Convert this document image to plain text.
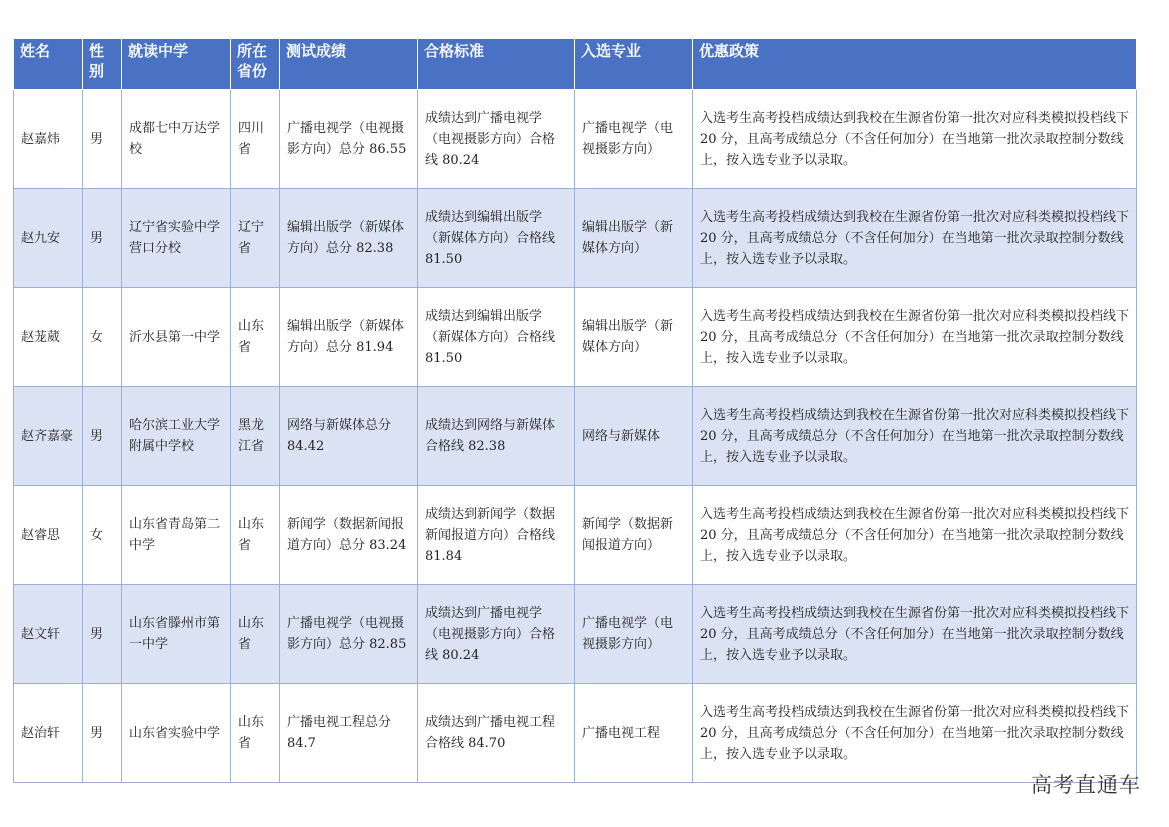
姓名	性别	就读中学	所在省份	测试成绩	合格标准	入选专业	优惠政策
赵嘉炜	男	成都七中万达学校	四川省	广播电视学（电视摄影方向）总分 86.55	成绩达到广播电视学（电视摄影方向）合格线 80.24	广播电视学（电视摄影方向）	入选考生高考投档成绩达到我校在生源省份第一批次对应科类模拟投档线下 20 分，且高考成绩总分（不含任何加分）在当地第一批次录取控制分数线上，按入选专业予以录取。
赵九安	男	辽宁省实验中学营口分校	辽宁省	编辑出版学（新媒体方向）总分 82.38	成绩达到编辑出版学（新媒体方向）合格线 81.50	编辑出版学（新媒体方向）	入选考生高考投档成绩达到我校在生源省份第一批次对应科类模拟投档线下 20 分，且高考成绩总分（不含任何加分）在当地第一批次录取控制分数线上，按入选专业予以录取。
赵茏葳	女	沂水县第一中学	山东省	编辑出版学（新媒体方向）总分 81.94	成绩达到编辑出版学（新媒体方向）合格线 81.50	编辑出版学（新媒体方向）	入选考生高考投档成绩达到我校在生源省份第一批次对应科类模拟投档线下 20 分，且高考成绩总分（不含任何加分）在当地第一批次录取控制分数线上，按入选专业予以录取。
赵齐嘉豪	男	哈尔滨工业大学附属中学校	黑龙江省	网络与新媒体总分 84.42	成绩达到网络与新媒体合格线 82.38	网络与新媒体	入选考生高考投档成绩达到我校在生源省份第一批次对应科类模拟投档线下 20 分，且高考成绩总分（不含任何加分）在当地第一批次录取控制分数线上，按入选专业予以录取。
赵睿思	女	山东省青岛第二中学	山东省	新闻学（数据新闻报道方向）总分 83.24	成绩达到新闻学（数据新闻报道方向）合格线 81.84	新闻学（数据新闻报道方向）	入选考生高考投档成绩达到我校在生源省份第一批次对应科类模拟投档线下 20 分，且高考成绩总分（不含任何加分）在当地第一批次录取控制分数线上，按入选专业予以录取。
赵文轩	男	山东省滕州市第一中学	山东省	广播电视学（电视摄影方向）总分 82.85	成绩达到广播电视学（电视摄影方向）合格线 80.24	广播电视学（电视摄影方向）	入选考生高考投档成绩达到我校在生源省份第一批次对应科类模拟投档线下 20 分，且高考成绩总分（不含任何加分）在当地第一批次录取控制分数线上，按入选专业予以录取。
赵治轩	男	山东省实验中学	山东省	广播电视工程总分 84.7	成绩达到广播电视工程合格线 84.70	广播电视工程	入选考生高考投档成绩达到我校在生源省份第一批次对应科类模拟投档线下 20 分，且高考成绩总分（不含任何加分）在当地第一批次录取控制分数线上，按入选专业予以录取。
高考直通车
